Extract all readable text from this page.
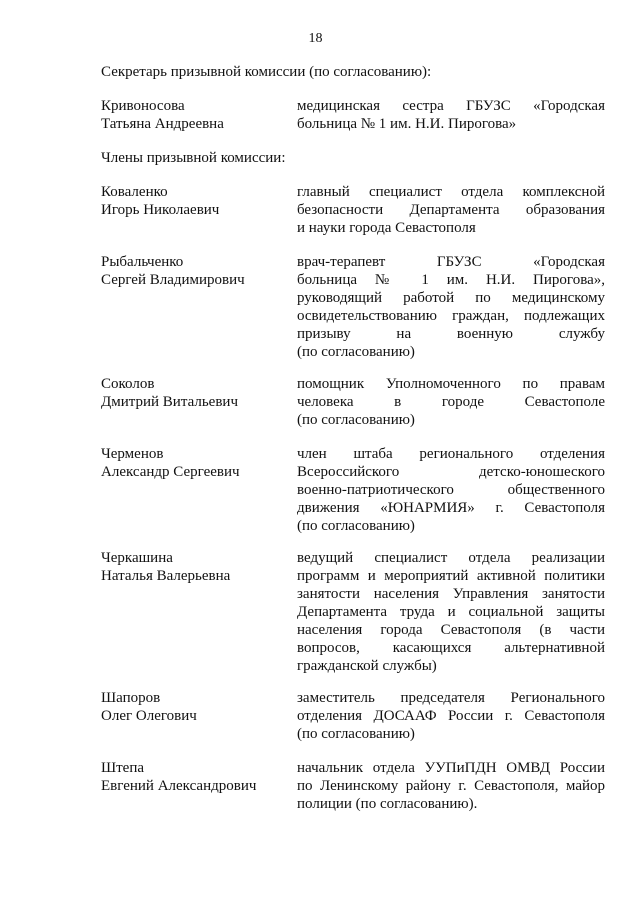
18
Секретарь призывной комиссии (по согласованию):
Кривоносова
Татьяна Андреевна
медицинская сестра ГБУЗС «Городская
больница № 1 им. Н.И. Пирогова»
Члены призывной комиссии:
Коваленко
Игорь Николаевич
главный специалист отдела комплексной
безопасности Департамента образования
и науки города Севастополя
Рыбальченко
Сергей Владимирович
врач-терапевт ГБУЗС «Городская
больница № 1 им. Н.И. Пирогова»,
руководящий работой по медицинскому
освидетельствованию граждан, подлежащих
призыву на военную службу
(по согласованию)
Соколов
Дмитрий Витальевич
помощник Уполномоченного по правам
человека в городе Севастополе
(по согласованию)
Черменов
Александр Сергеевич
член штаба регионального отделения
Всероссийского детско-юношеского
военно-патриотического общественного
движения «ЮНАРМИЯ» г. Севастополя
(по согласованию)
Черкашина
Наталья Валерьевна
ведущий специалист отдела реализации
программ и мероприятий активной политики
занятости населения Управления занятости
Департамента труда и социальной защиты
населения города Севастополя (в части
вопросов, касающихся альтернативной
гражданской службы)
Шапоров
Олег Олегович
заместитель председателя Регионального
отделения ДОСААФ России г. Севастополя
(по согласованию)
Штепа
Евгений Александрович
начальник отдела УУПиПДН ОМВД России
по Ленинскому району г. Севастополя, майор
полиции (по согласованию).
